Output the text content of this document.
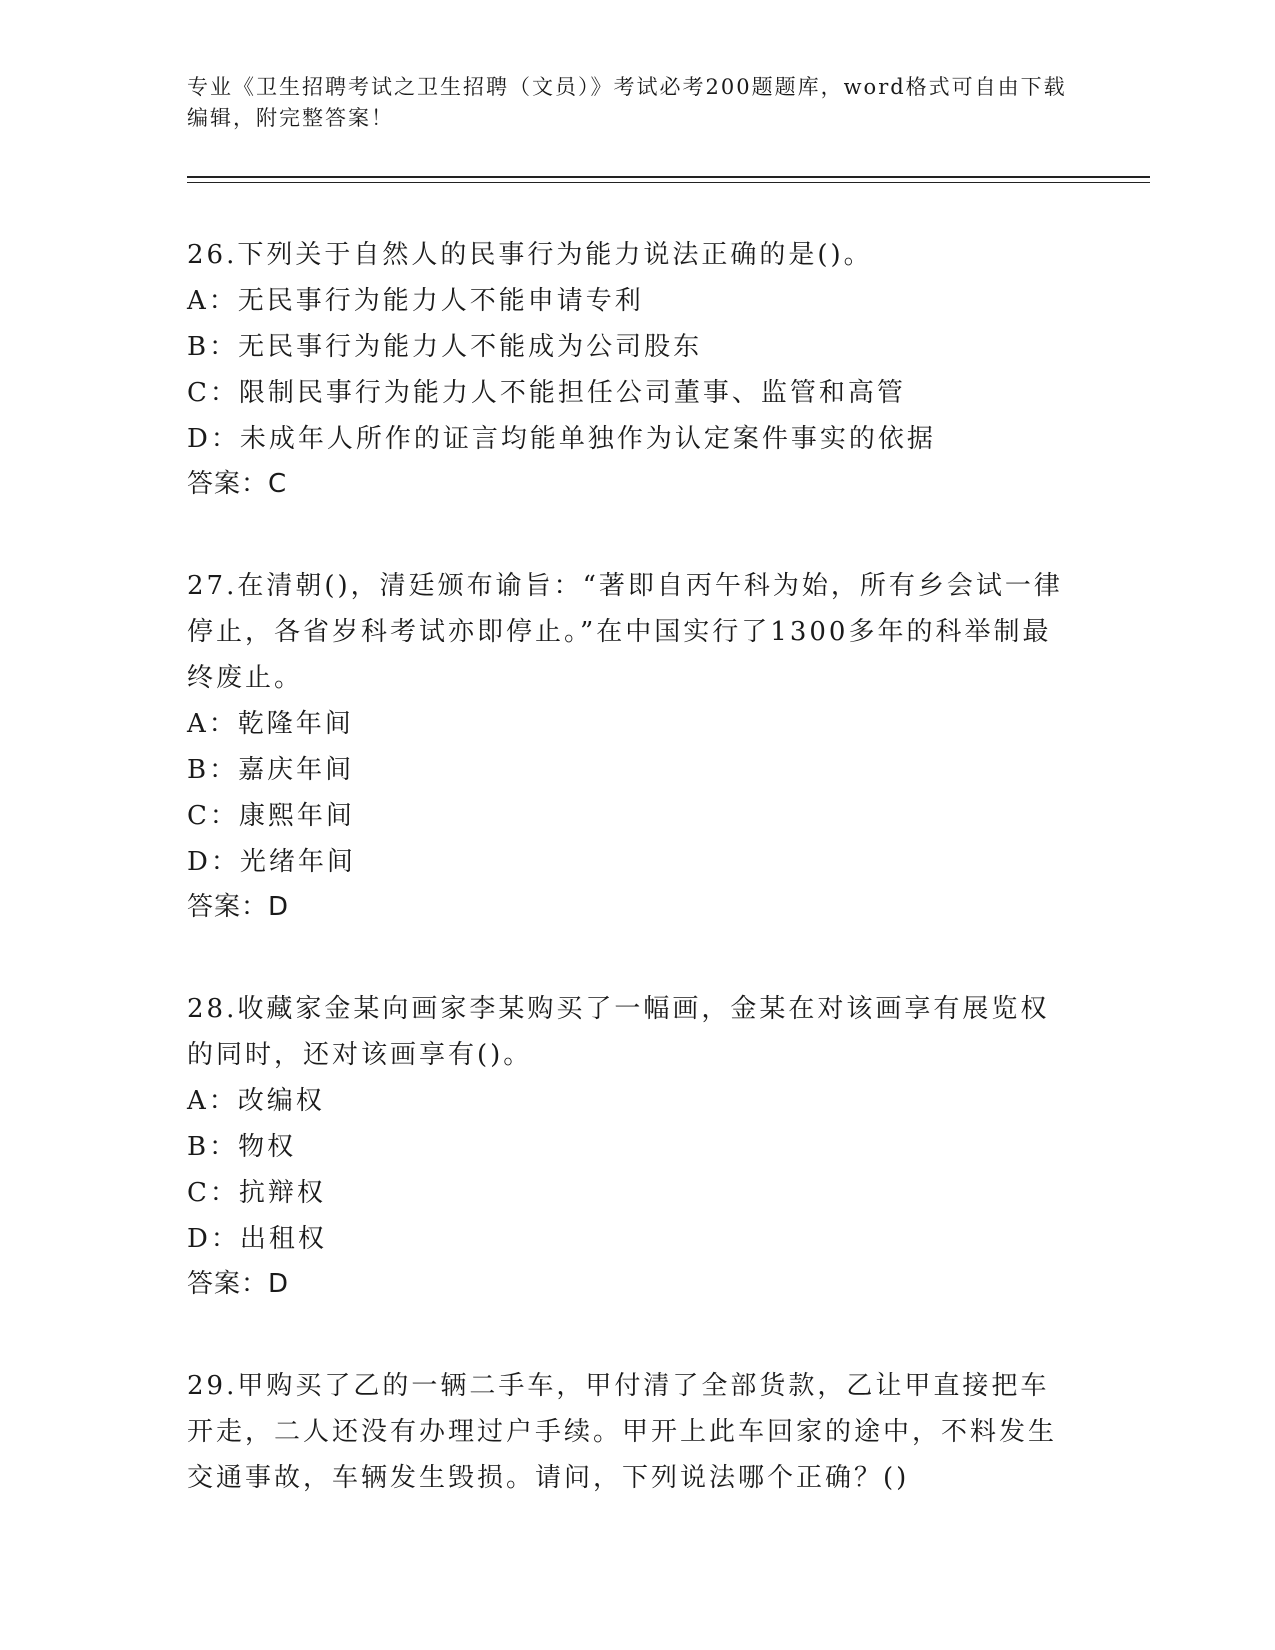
专业《卫生招聘考试之卫生招聘（文员）》考试必考200题题库，word格式可自由下载编辑，附完整答案！
26.下列关于自然人的民事行为能力说法正确的是()。
A：无民事行为能力人不能申请专利
B：无民事行为能力人不能成为公司股东
C：限制民事行为能力人不能担任公司董事、监管和高管
D：未成年人所作的证言均能单独作为认定案件事实的依据
答案：C
27.在清朝()，清廷颁布谕旨：“著即自丙午科为始，所有乡会试一律停止，各省岁科考试亦即停止。”在中国实行了1300多年的科举制最终废止。
A：乾隆年间
B：嘉庆年间
C：康熙年间
D：光绪年间
答案：D
28.收藏家金某向画家李某购买了一幅画，金某在对该画享有展览权的同时，还对该画享有()。
A：改编权
B：物权
C：抗辩权
D：出租权
答案：D
29.甲购买了乙的一辆二手车，甲付清了全部货款，乙让甲直接把车开走，二人还没有办理过户手续。甲开上此车回家的途中，不料发生交通事故，车辆发生毁损。请问，下列说法哪个正确？()
